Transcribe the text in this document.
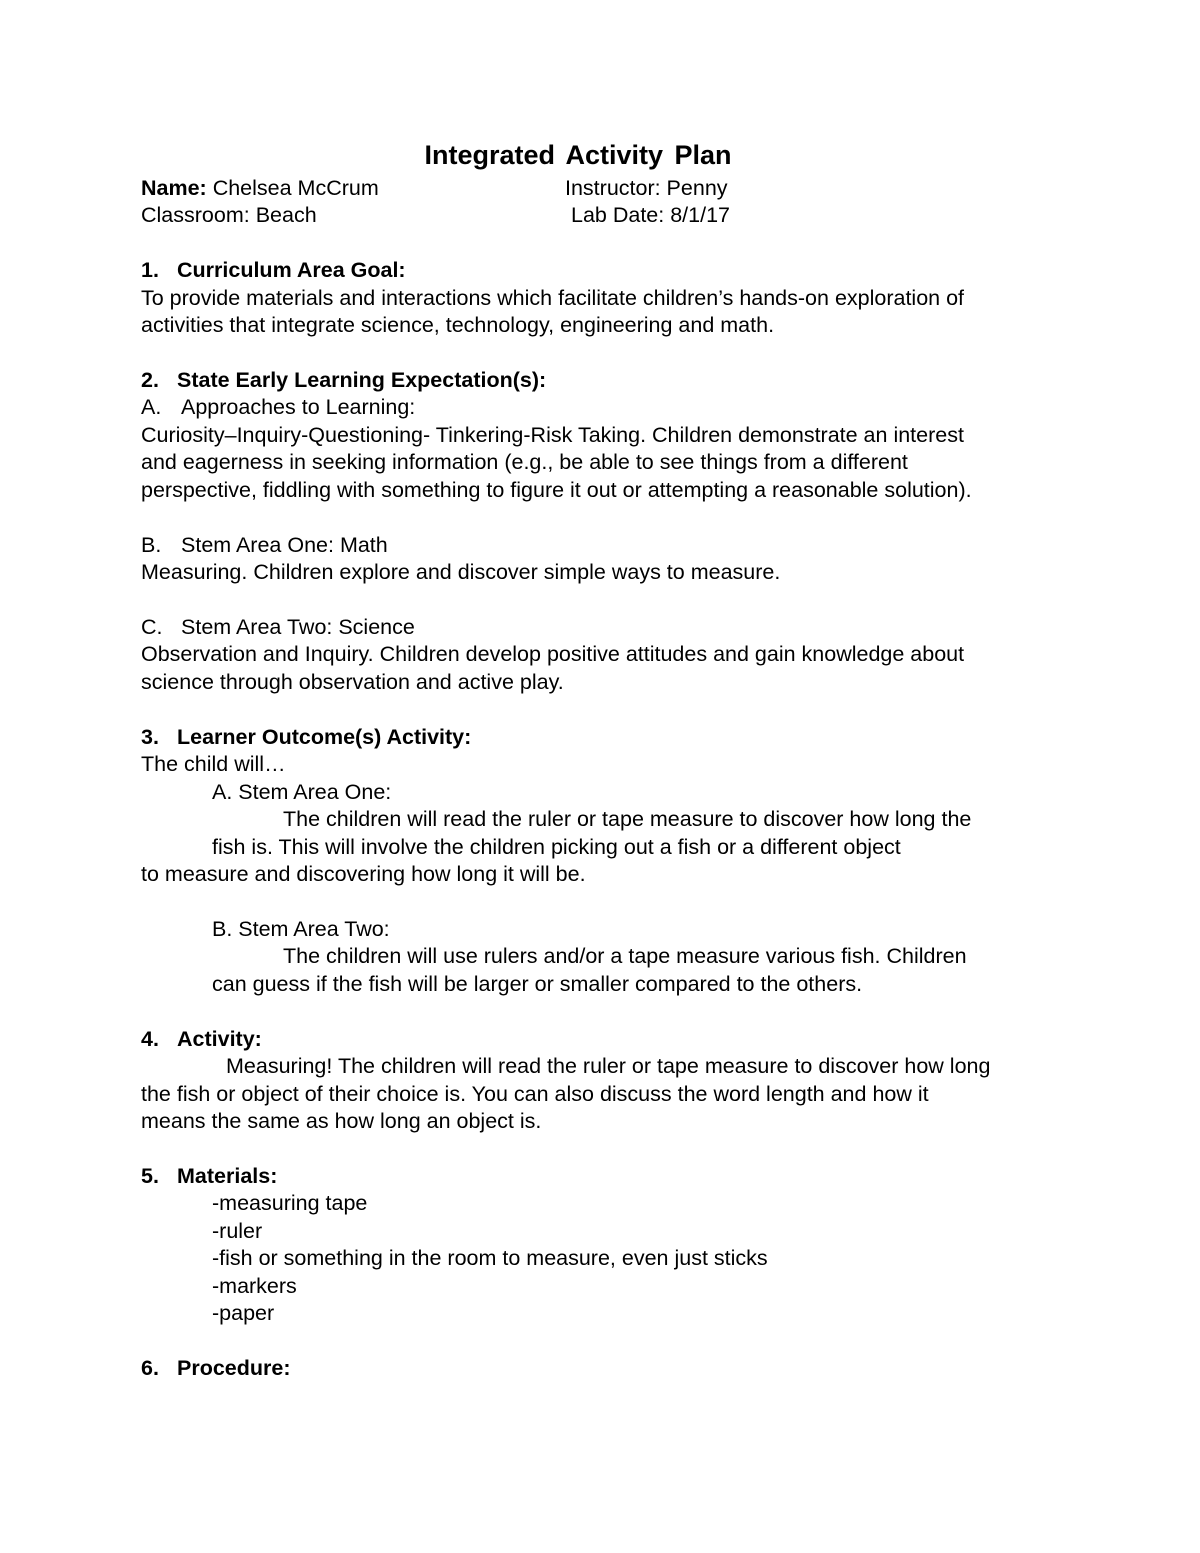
Integrated Activity Plan
Name: Chelsea McCrum	Instructor: Penny
Classroom: Beach	Lab Date: 8/1/17
1. Curriculum Area Goal:
To provide materials and interactions which facilitate children’s hands-on exploration of
activities that integrate science, technology, engineering and math.
2. State Early Learning Expectation(s):
A. Approaches to Learning:
Curiosity–Inquiry-Questioning- Tinkering-Risk Taking. Children demonstrate an interest
and eagerness in seeking information (e.g., be able to see things from a different
perspective, fiddling with something to figure it out or attempting a reasonable solution).
B. Stem Area One: Math
Measuring. Children explore and discover simple ways to measure.
C. Stem Area Two: Science
Observation and Inquiry. Children develop positive attitudes and gain knowledge about
science through observation and active play.
3. Learner Outcome(s) Activity:
The child will…
A. Stem Area One:
The children will read the ruler or tape measure to discover how long the
fish is. This will involve the children picking out a fish or a different object
to measure and discovering how long it will be.
B. Stem Area Two:
The children will use rulers and/or a tape measure various fish. Children
can guess if the fish will be larger or smaller compared to the others.
4. Activity:
Measuring! The children will read the ruler or tape measure to discover how long
the fish or object of their choice is. You can also discuss the word length and how it
means the same as how long an object is.
5. Materials:
-measuring tape
-ruler
-fish or something in the room to measure, even just sticks
-markers
-paper
6. Procedure:
